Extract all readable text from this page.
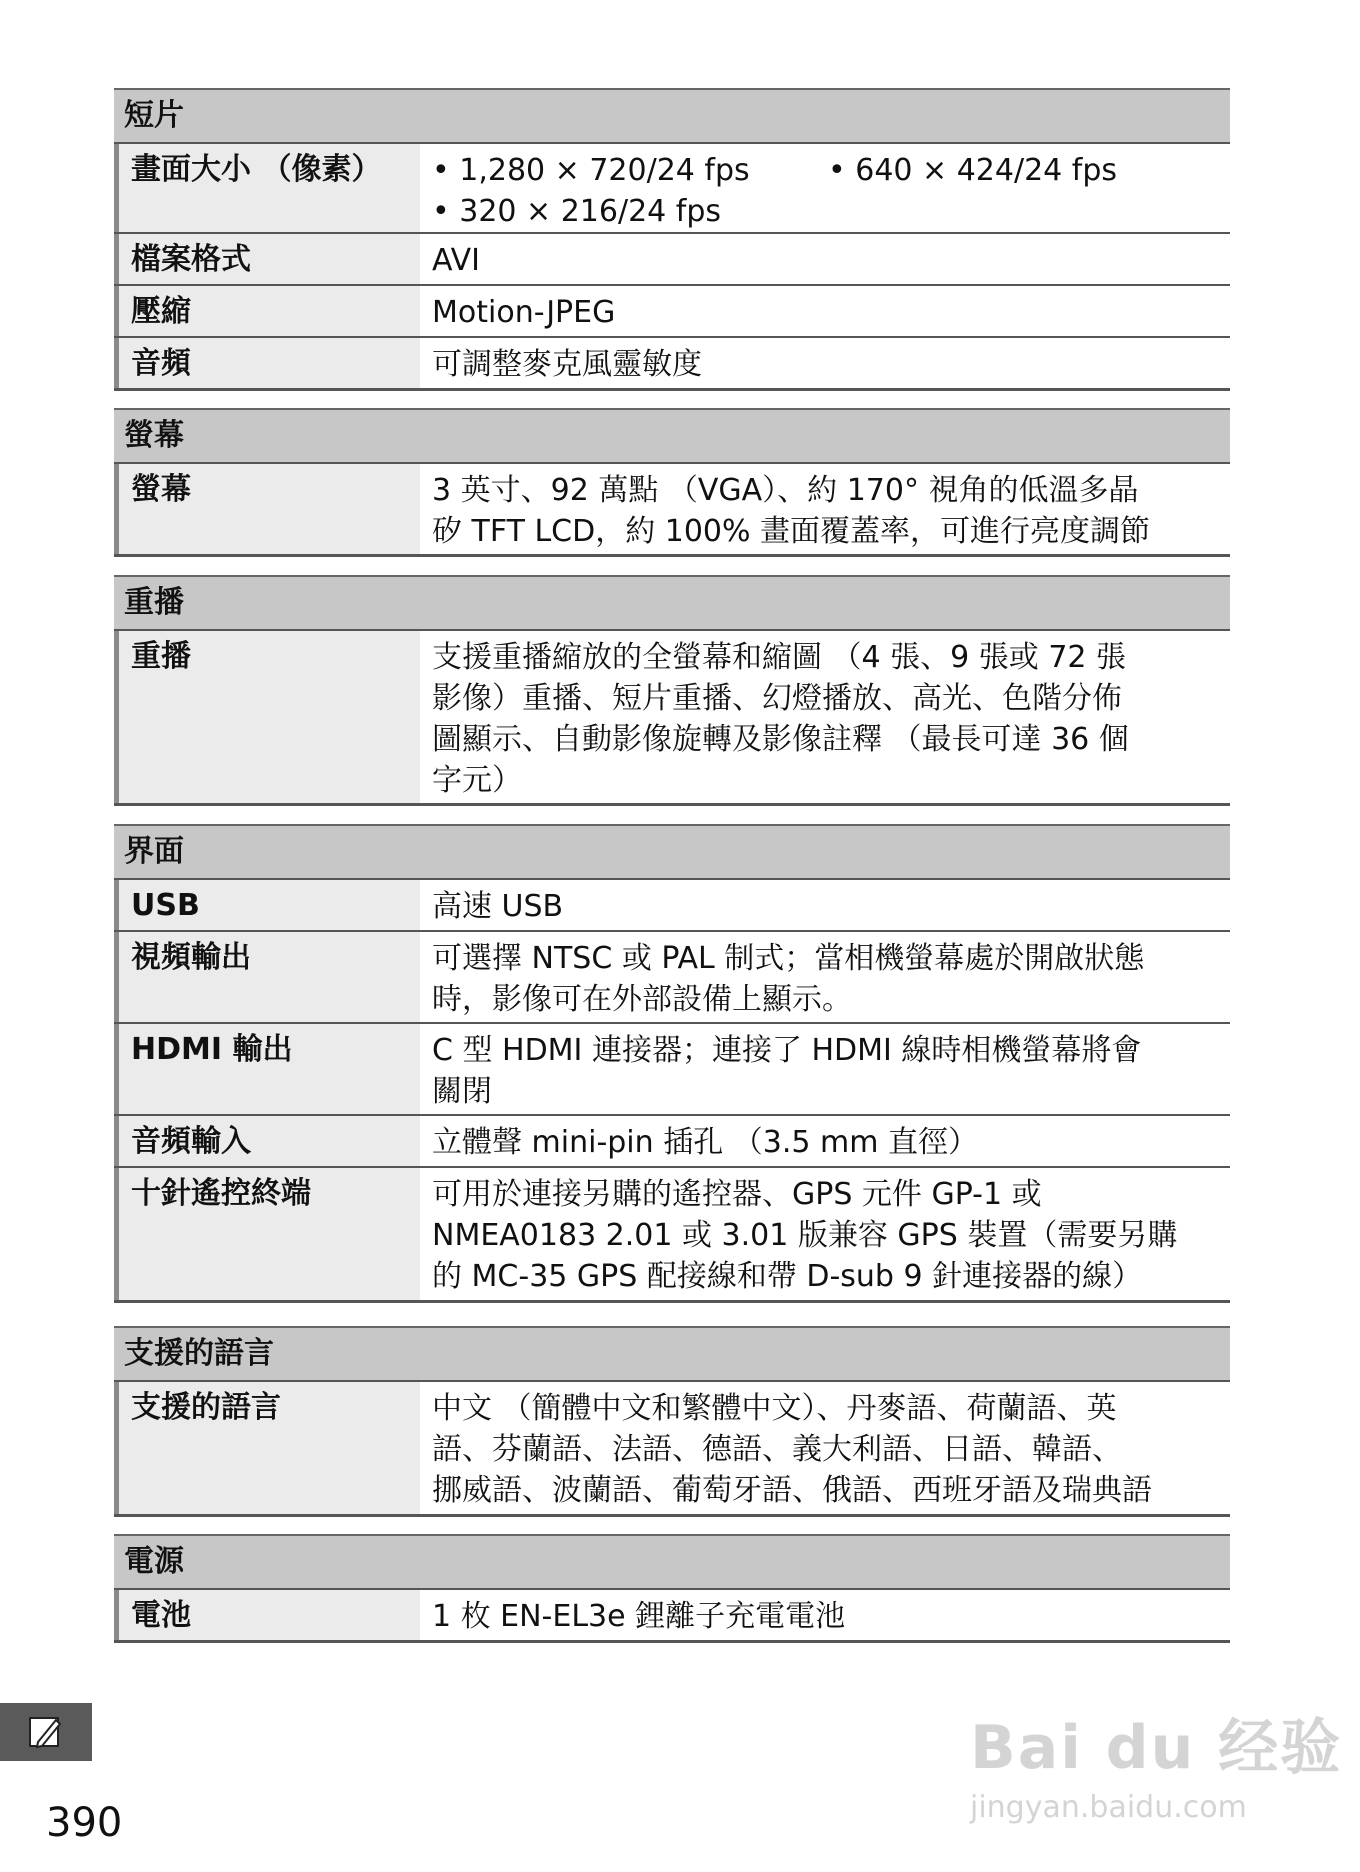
短片
畫面大小 （像素）	• 1,280 × 720/24 fps	• 640 × 424/24 fps
• 320 × 216/24 fps
檔案格式	AVI
壓縮	Motion-JPEG
音頻	可調整麥克風靈敏度
螢幕
螢幕	3 英寸、92 萬點 （VGA）、約 170° 視角的低溫多晶
矽 TFT LCD，約 100% 畫面覆蓋率，可進行亮度調節
重播
重播	支援重播縮放的全螢幕和縮圖 （4 張、9 張或 72 張
影像）重播、短片重播、幻燈播放、高光、色階分佈
圖顯示、自動影像旋轉及影像註釋 （最長可達 36 個
字元）
界面
USB	高速 USB
視頻輸出	可選擇 NTSC 或 PAL 制式；當相機螢幕處於開啟狀態
時，影像可在外部設備上顯示。
HDMI 輸出	C 型 HDMI 連接器；連接了 HDMI 線時相機螢幕將會
關閉
音頻輸入	立體聲 mini-pin 插孔 （3.5 mm 直徑）
十針遙控終端	可用於連接另購的遙控器、GPS 元件 GP-1 或
NMEA0183 2.01 或 3.01 版兼容 GPS 裝置（需要另購
的 MC-35 GPS 配接線和帶 D-sub 9 針連接器的線）
支援的語言
支援的語言	中文 （簡體中文和繁體中文）、丹麥語、荷蘭語、英
語、芬蘭語、法語、德語、義大利語、日語、韓語、
挪威語、波蘭語、葡萄牙語、俄語、西班牙語及瑞典語
電源
電池	1 枚 EN-EL3e 鋰離子充電電池
390
Bai du 经验
jingyan.baidu.com
